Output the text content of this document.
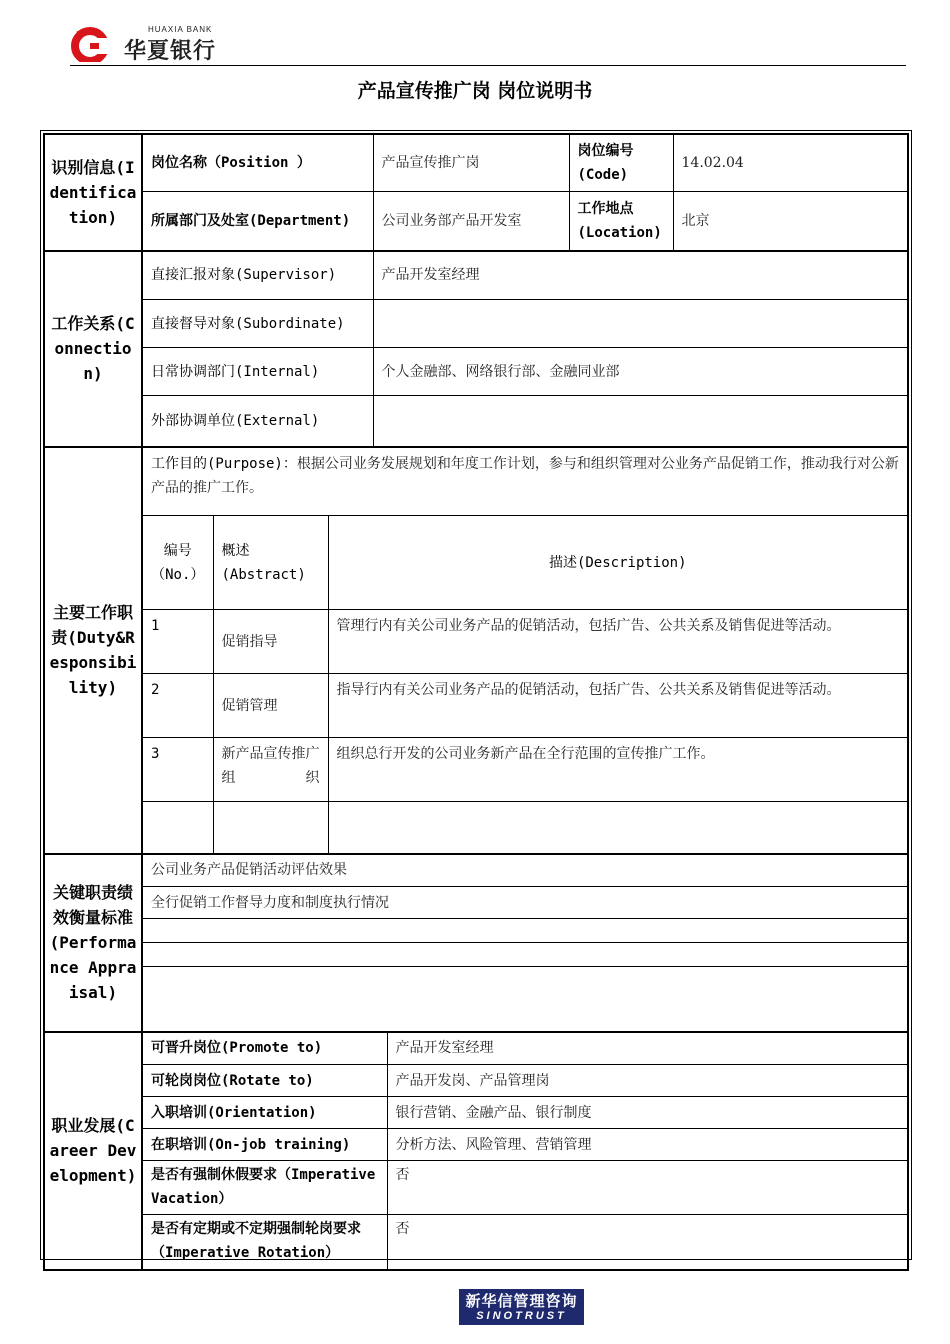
HUAXIA BANK
华夏银行
产品宣传推广岗 岗位说明书
识别信息(Identification)	
岗位名称（Position ）	产品宣传推广岗	岗位编号(Code)	14.02.04
所属部门及处室(Department)	公司业务部产品开发室	工作地点(Location)	北京

工作关系(Connection)	
直接汇报对象(Supervisor)	产品开发室经理
直接督导对象(Subordinate)	
日常协调部门(Internal)	个人金融部、网络银行部、金融同业部
外部协调单位(External)	

主要工作职责(Duty&Responsibility)	
工作目的(Purpose)：根据公司业务发展规划和年度工作计划，参与和组织管理对公业务产品促销工作，推动我行对公新产品的推广工作。
编号（No.）	概述(Abstract)	描述(Description)
1	促销指导	管理行内有关公司业务产品的促销活动，包括广告、公共关系及销售促进等活动。
2	促销管理	指导行内有关公司业务产品的促销活动，包括广告、公共关系及销售促进等活动。
3	新产品宣传推广组织	组织总行开发的公司业务新产品在全行范围的宣传推广工作。

关键职责绩效衡量标准(Performance Appraisal)	
公司业务产品促销活动评估效果
全行促销工作督导力度和制度执行情况

职业发展(Career Development)	
可晋升岗位(Promote to)	产品开发室经理
可轮岗岗位(Rotate to)	产品开发岗、产品管理岗
入职培训(Orientation)	银行营销、金融产品、银行制度
在职培训(On-job training)	分析方法、风险管理、营销管理
是否有强制休假要求（Imperative Vacation）	否
是否有定期或不定期强制轮岗要求（Imperative Rotation）	否
新华信管理咨询
SINOTRUST
